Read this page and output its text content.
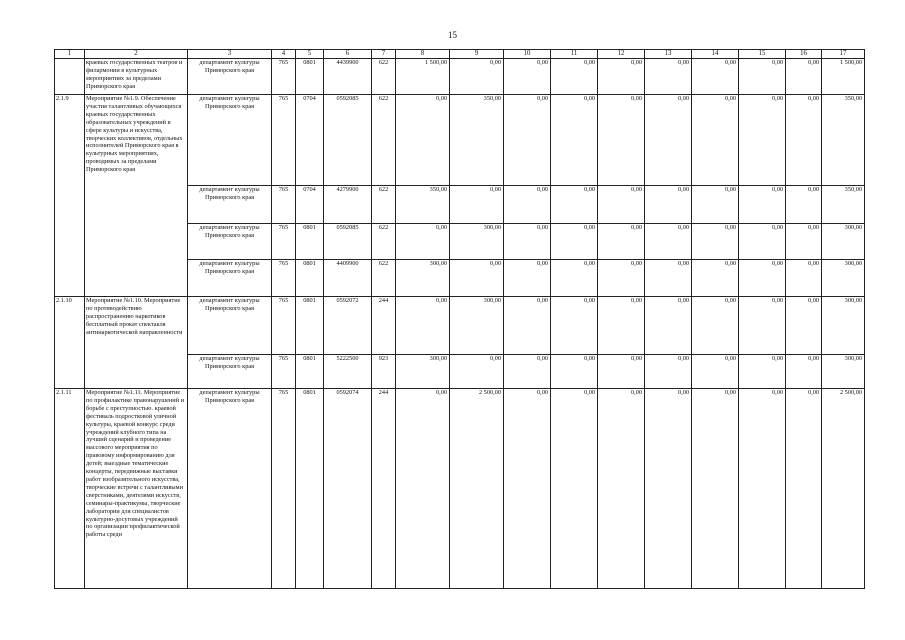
15
1	2	3	4	5	6	7	8	9	10	11	12	13	14	15	16	17
	краевых государственных театров и филармонии в культурных мероприятиях за пределами Приморского края	департамент культуры Приморского края	765	0801	4439900	622	1 500,00	0,00	0,00	0,00	0,00	0,00	0,00	0,00	0,00	1 500,00
2.1.9	Мероприятие №1.9. Обеспечение участия талантливых обучающихся краевых государственных образовательных учреждений в сфере культуры и искусства, творческих коллективов, отдельных исполнителей Приморского края в культурных мероприятиях, проводимых за пределами Приморского края	департамент культуры Приморского края	765	0704	0592085	622	0,00	350,00	0,00	0,00	0,00	0,00	0,00	0,00	0,00	350,00
		департамент культуры Приморского края	765	0704	4279900	622	350,00	0,00	0,00	0,00	0,00	0,00	0,00	0,00	0,00	350,00
		департамент культуры Приморского края	765	0801	0592085	622	0,00	300,00	0,00	0,00	0,00	0,00	0,00	0,00	0,00	300,00
		департамент культуры Приморского края	765	0801	4409900	622	300,00	0,00	0,00	0,00	0,00	0,00	0,00	0,00	0,00	300,00
2.1.10	Мероприятие №1.10. Мероприятие по противодействию распространению наркотиков бесплатный прокат спектакля антинаркотической направленности	департамент культуры Приморского края	765	0801	0592072	244	0,00	300,00	0,00	0,00	0,00	0,00	0,00	0,00	0,00	300,00
		департамент культуры Приморского края	765	0801	5222500	923	300,00	0,00	0,00	0,00	0,00	0,00	0,00	0,00	0,00	300,00
2.1.11	Мероприятие №1.11. Мероприятие по профилактике правонарушений и борьбе с преступностью. краевой фестиваль подростковой уличной культуры, краевой конкурс среди учреждений клубного типа на лучший сценарий и проведение массового мероприятия по правовому информированию для детей; выездные тематические концерты, передвижные выставки работ изобразительного искусства, творческие встречи с талантливыми сверстниками, деятелями искусств, семинары-практикумы, творческие лаборатории для специалистов культурно-досуговых учреждений по организации профилактической работы среди	департамент культуры Приморского края	765	0801	0592074	244	0,00	2 500,00	0,00	0,00	0,00	0,00	0,00	0,00	0,00	2 500,00
